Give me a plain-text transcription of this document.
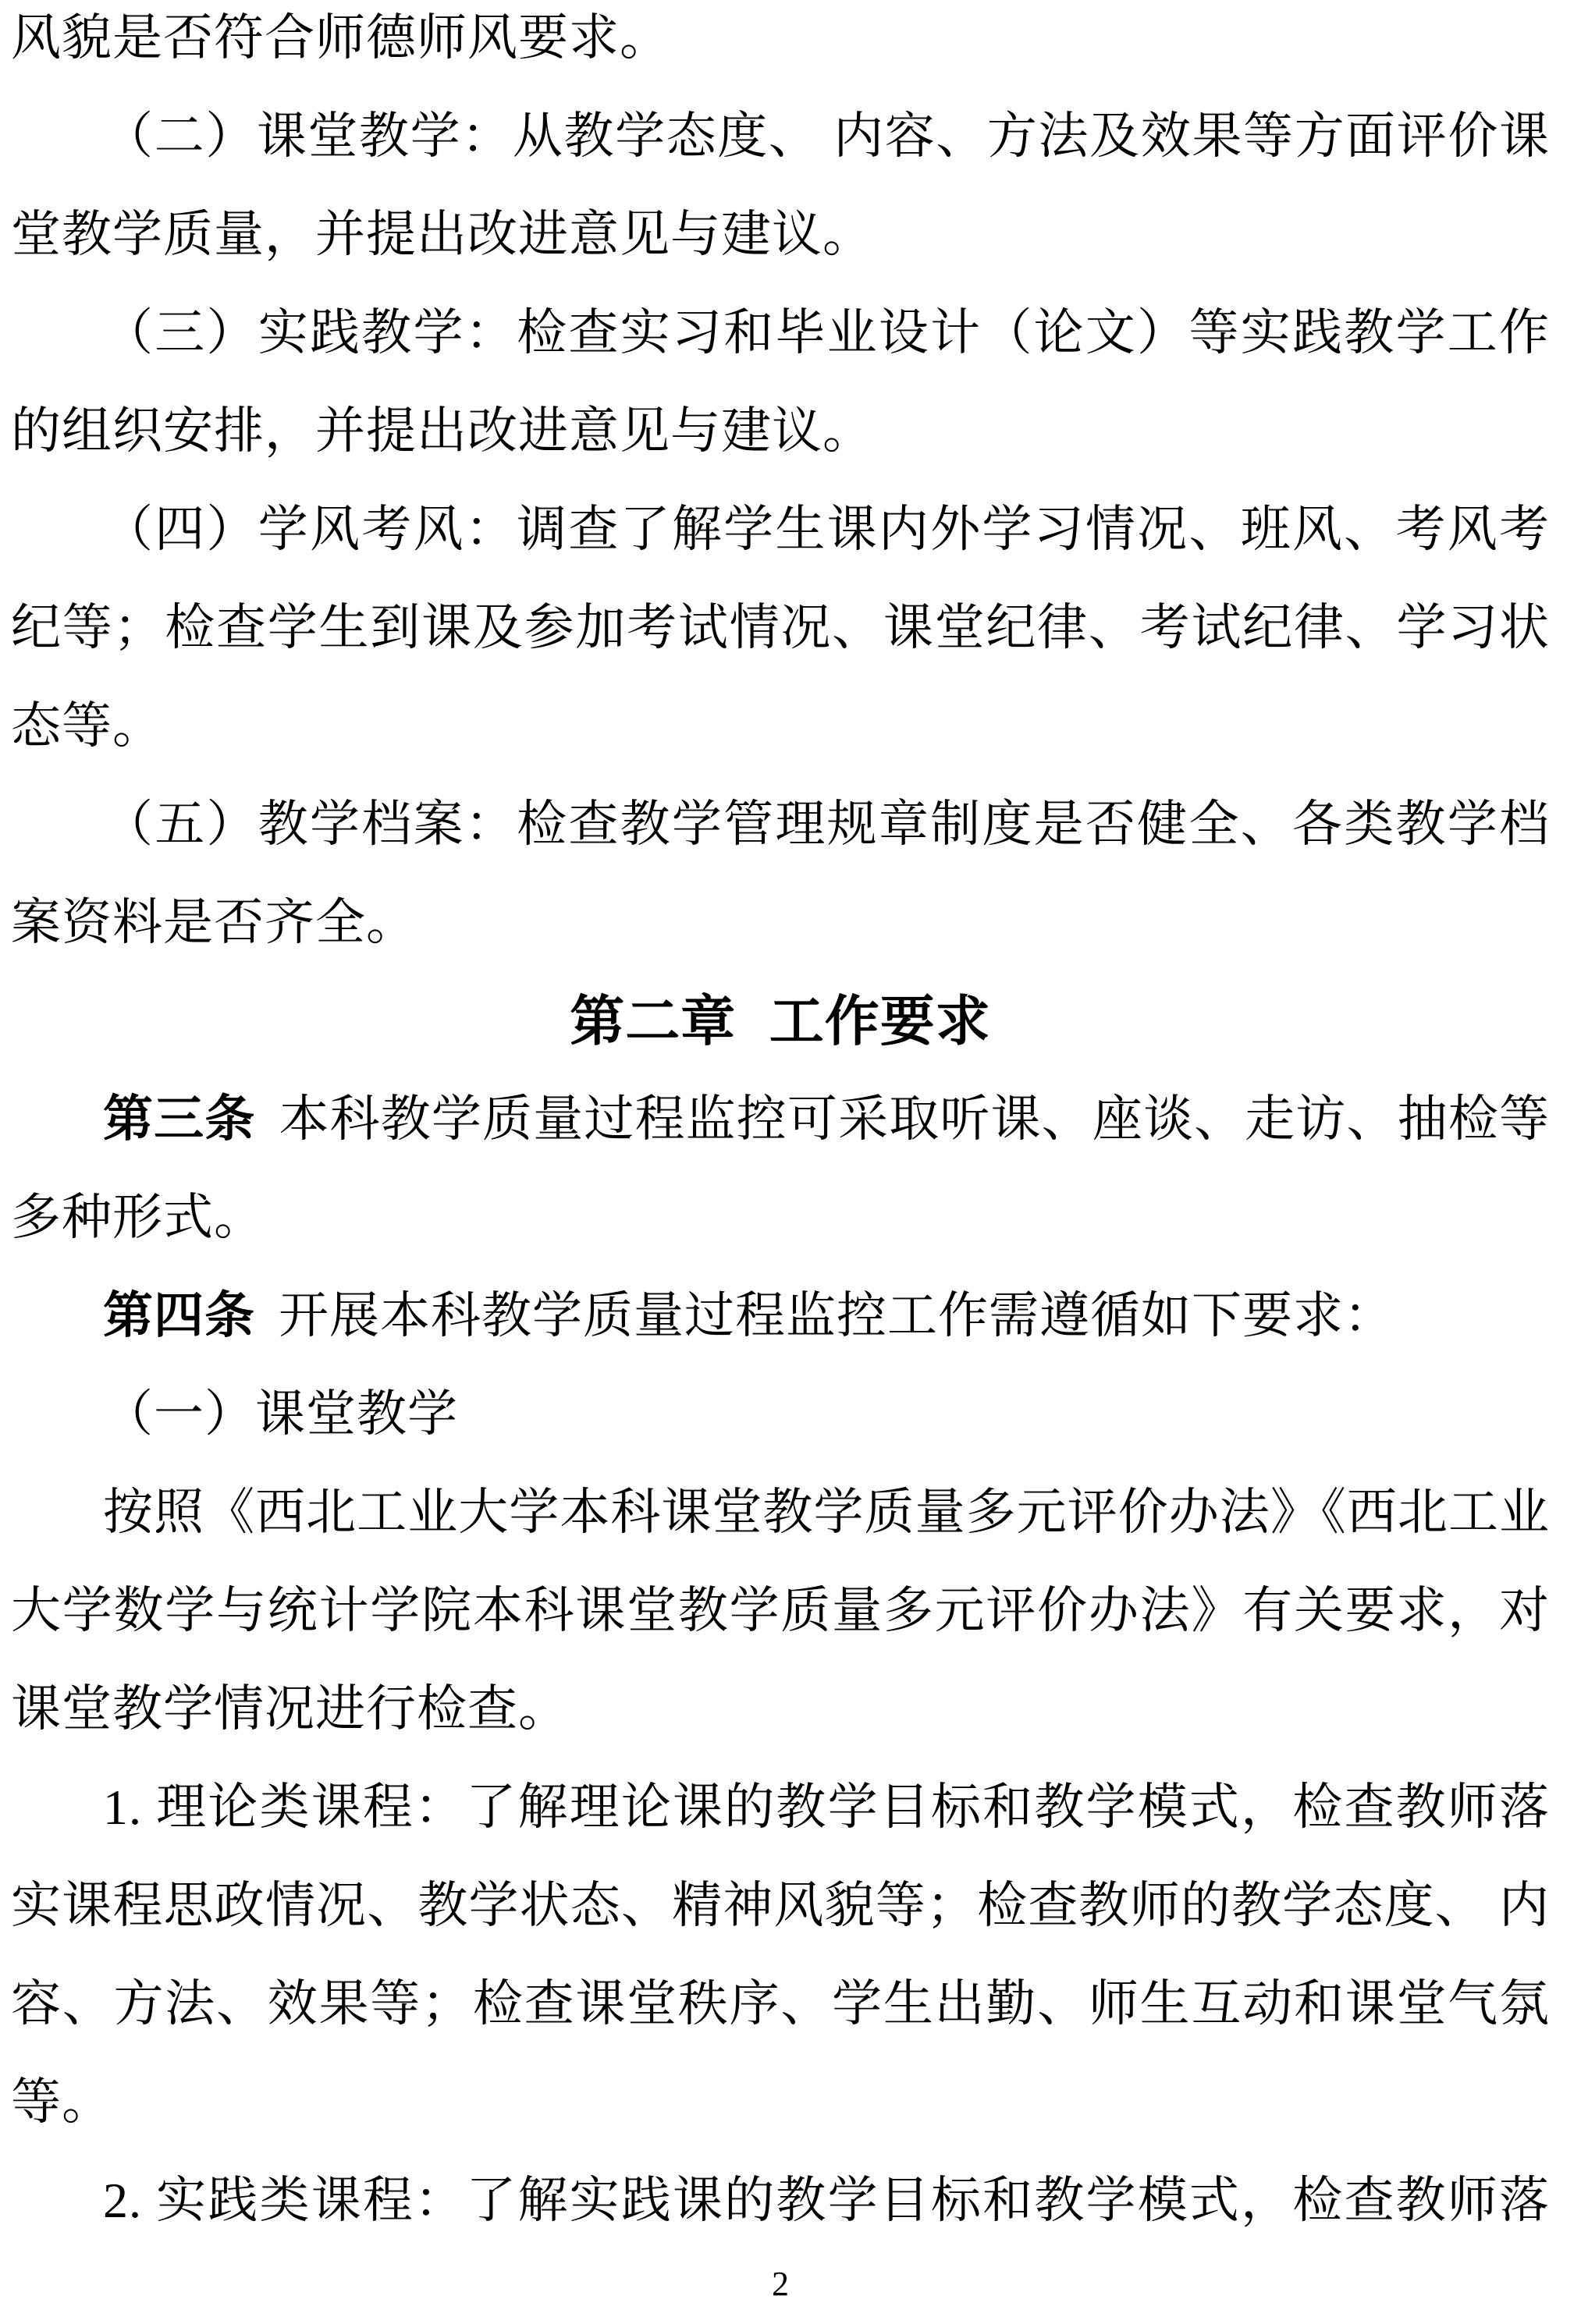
风貌是否符合师德师风要求。
（二）课堂教学：从教学态度、 内容、方法及效果等方面评价课
堂教学质量，并提出改进意见与建议。
（三）实践教学：检查实习和毕业设计（论文）等实践教学工作
的组织安排，并提出改进意见与建议。
（四）学风考风：调查了解学生课内外学习情况、班风、考风考
纪等；检查学生到课及参加考试情况、课堂纪律、考试纪律、学习状
态等。
（五）教学档案：检查教学管理规章制度是否健全、各类教学档
案资料是否齐全。
第二章 工作要求
第三条 本科教学质量过程监控可采取听课、座谈、走访、抽检等
多种形式。
第四条 开展本科教学质量过程监控工作需遵循如下要求：
（一）课堂教学
按照《西北工业大学本科课堂教学质量多元评价办法》《西北工业
大学数学与统计学院本科课堂教学质量多元评价办法》有关要求，对
课堂教学情况进行检查。
1. 理论类课程：了解理论课的教学目标和教学模式，检查教师落
实课程思政情况、教学状态、精神风貌等；检查教师的教学态度、 内
容、方法、效果等；检查课堂秩序、学生出勤、师生互动和课堂气氛
等。
2. 实践类课程：了解实践课的教学目标和教学模式，检查教师落
2
